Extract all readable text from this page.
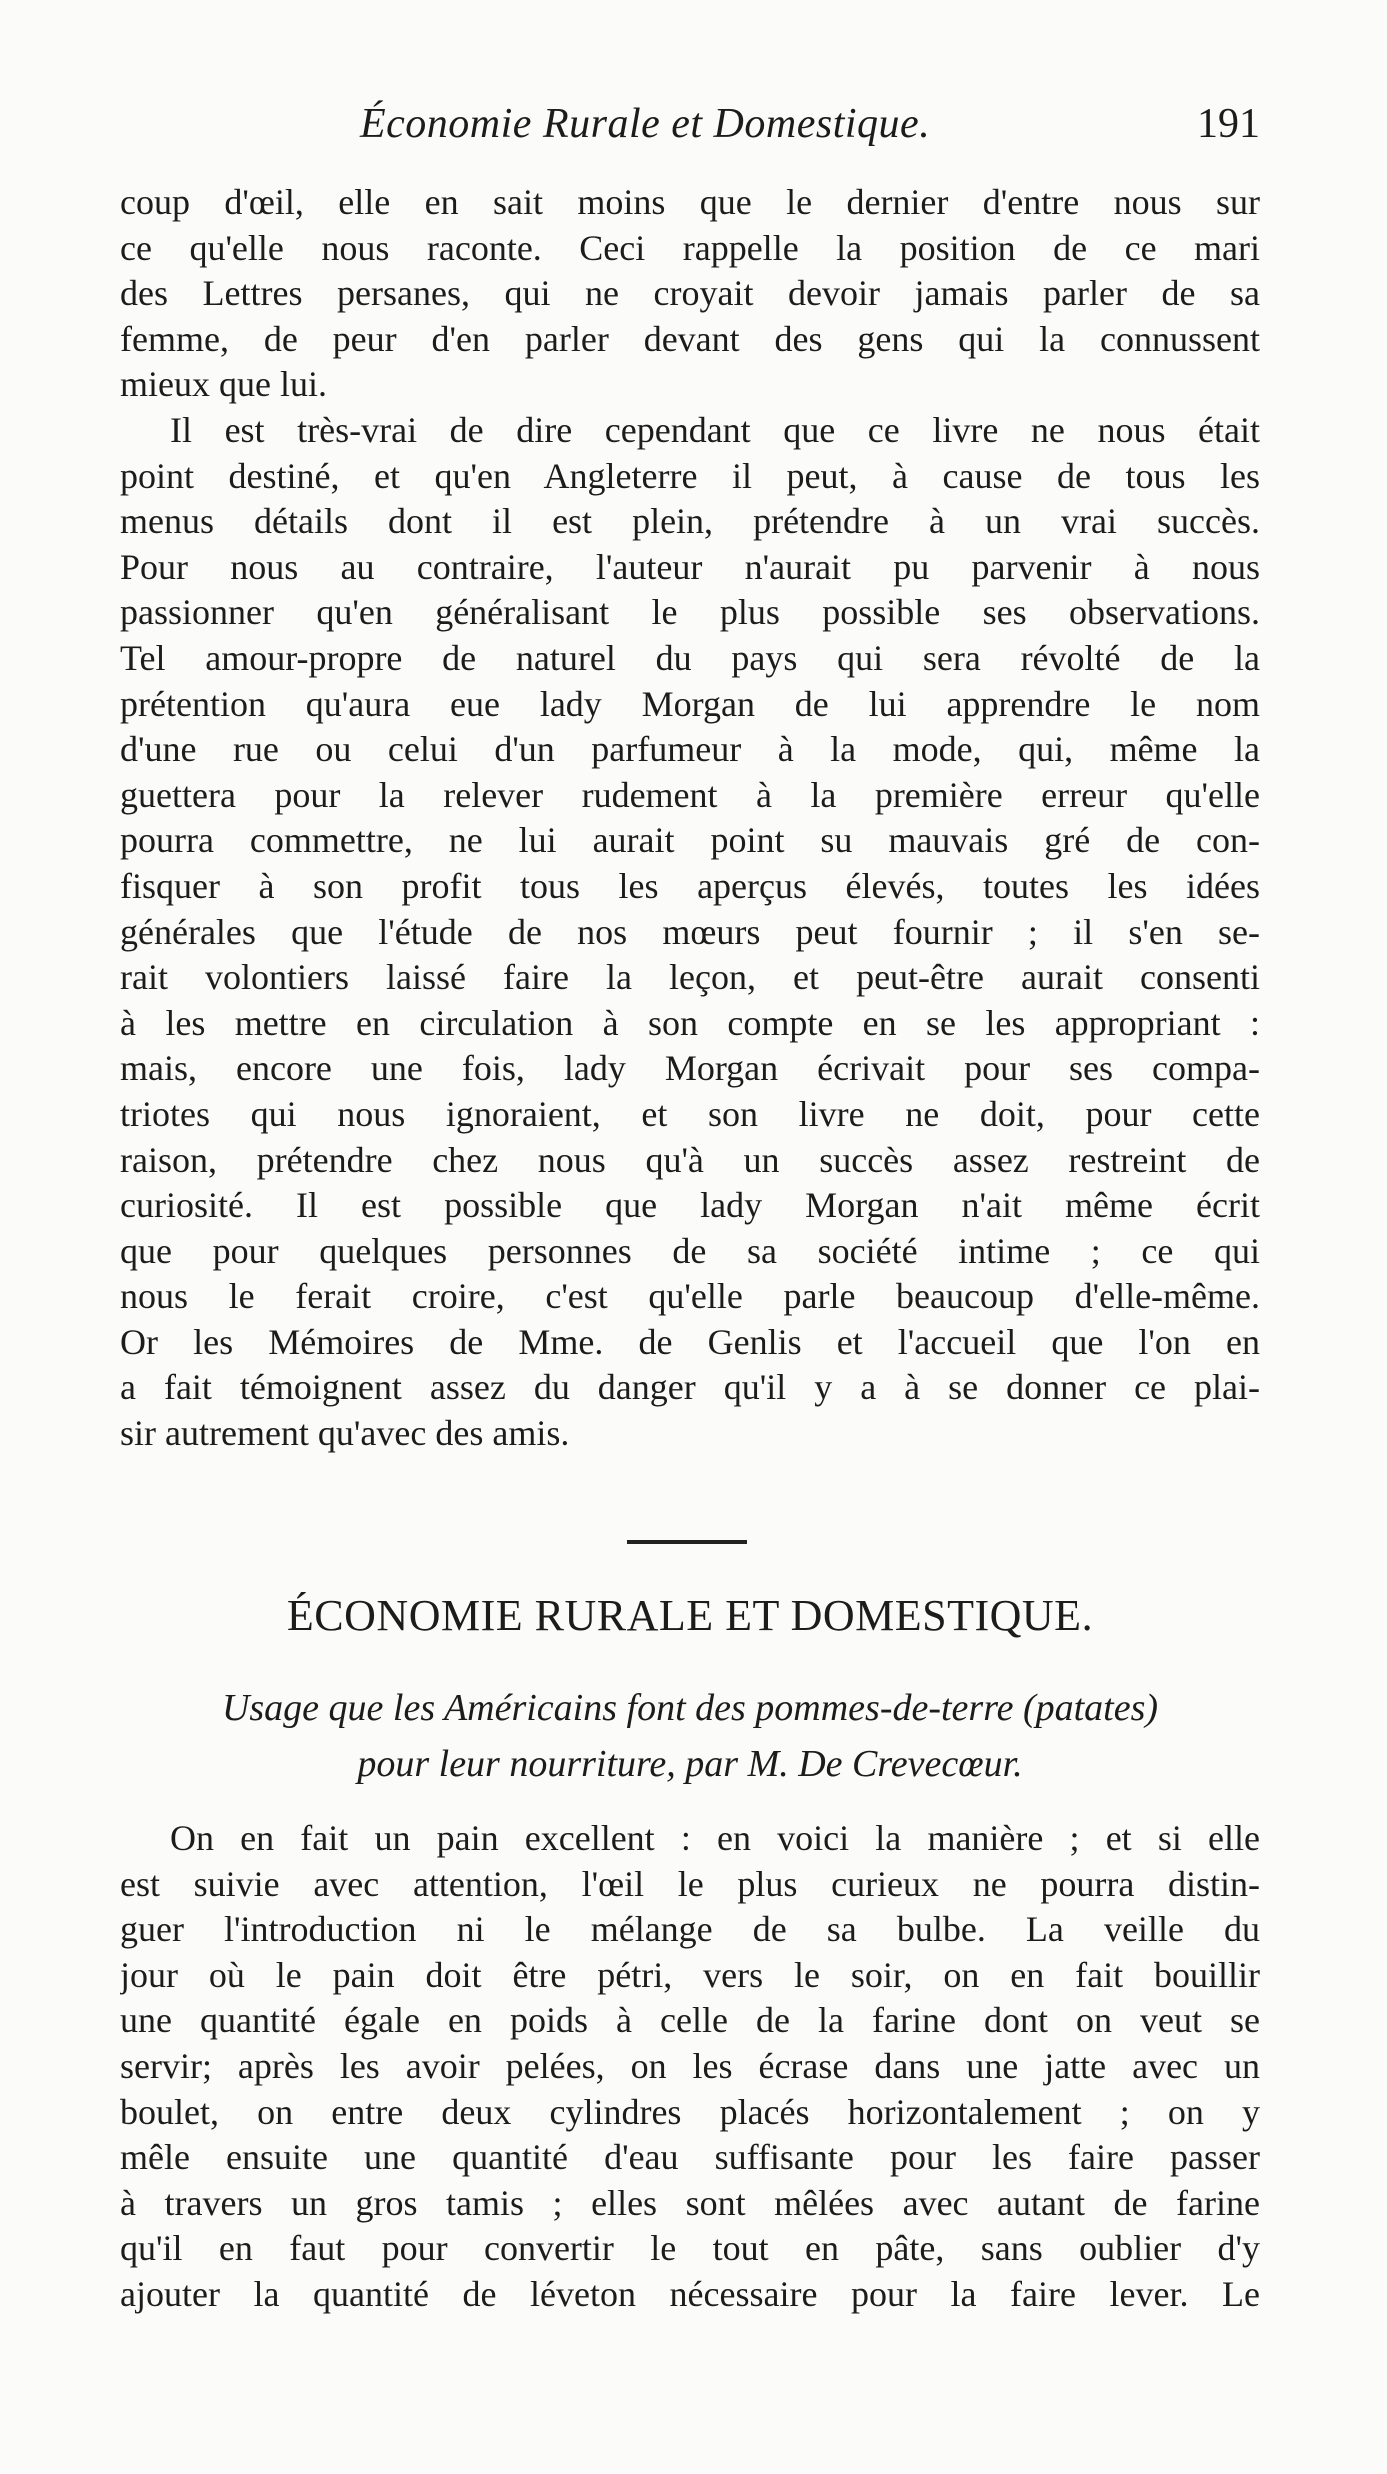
Économie Rurale et Domestique.	191
coup d'œil, elle en sait moins que le dernier d'entre nous sur
ce qu'elle nous raconte. Ceci rappelle la position de ce mari
des Lettres persanes, qui ne croyait devoir jamais parler de sa
femme, de peur d'en parler devant des gens qui la connussent
mieux que lui.
Il est très-vrai de dire cependant que ce livre ne nous était
point destiné, et qu'en Angleterre il peut, à cause de tous les
menus détails dont il est plein, prétendre à un vrai succès.
Pour nous au contraire, l'auteur n'aurait pu parvenir à nous
passionner qu'en généralisant le plus possible ses observations.
Tel amour-propre de naturel du pays qui sera révolté de la
prétention qu'aura eue lady Morgan de lui apprendre le nom
d'une rue ou celui d'un parfumeur à la mode, qui, même la
guettera pour la relever rudement à la première erreur qu'elle
pourra commettre, ne lui aurait point su mauvais gré de con-
fisquer à son profit tous les aperçus élevés, toutes les idées
générales que l'étude de nos mœurs peut fournir ; il s'en se-
rait volontiers laissé faire la leçon, et peut-être aurait consenti
à les mettre en circulation à son compte en se les appropriant :
mais, encore une fois, lady Morgan écrivait pour ses compa-
triotes qui nous ignoraient, et son livre ne doit, pour cette
raison, prétendre chez nous qu'à un succès assez restreint de
curiosité. Il est possible que lady Morgan n'ait même écrit
que pour quelques personnes de sa société intime ; ce qui
nous le ferait croire, c'est qu'elle parle beaucoup d'elle-même.
Or les Mémoires de Mme. de Genlis et l'accueil que l'on en
a fait témoignent assez du danger qu'il y a à se donner ce plai-
sir autrement qu'avec des amis.
ÉCONOMIE RURALE ET DOMESTIQUE.
Usage que les Américains font des pommes-de-terre (patates)
pour leur nourriture, par M. De Crevecœur.
On en fait un pain excellent : en voici la manière ; et si elle
est suivie avec attention, l'œil le plus curieux ne pourra distin-
guer l'introduction ni le mélange de sa bulbe. La veille du
jour où le pain doit être pétri, vers le soir, on en fait bouillir
une quantité égale en poids à celle de la farine dont on veut se
servir; après les avoir pelées, on les écrase dans une jatte avec un
boulet, on entre deux cylindres placés horizontalement ; on y
mêle ensuite une quantité d'eau suffisante pour les faire passer
à travers un gros tamis ; elles sont mêlées avec autant de farine
qu'il en faut pour convertir le tout en pâte, sans oublier d'y
ajouter la quantité de léveton nécessaire pour la faire lever. Le
